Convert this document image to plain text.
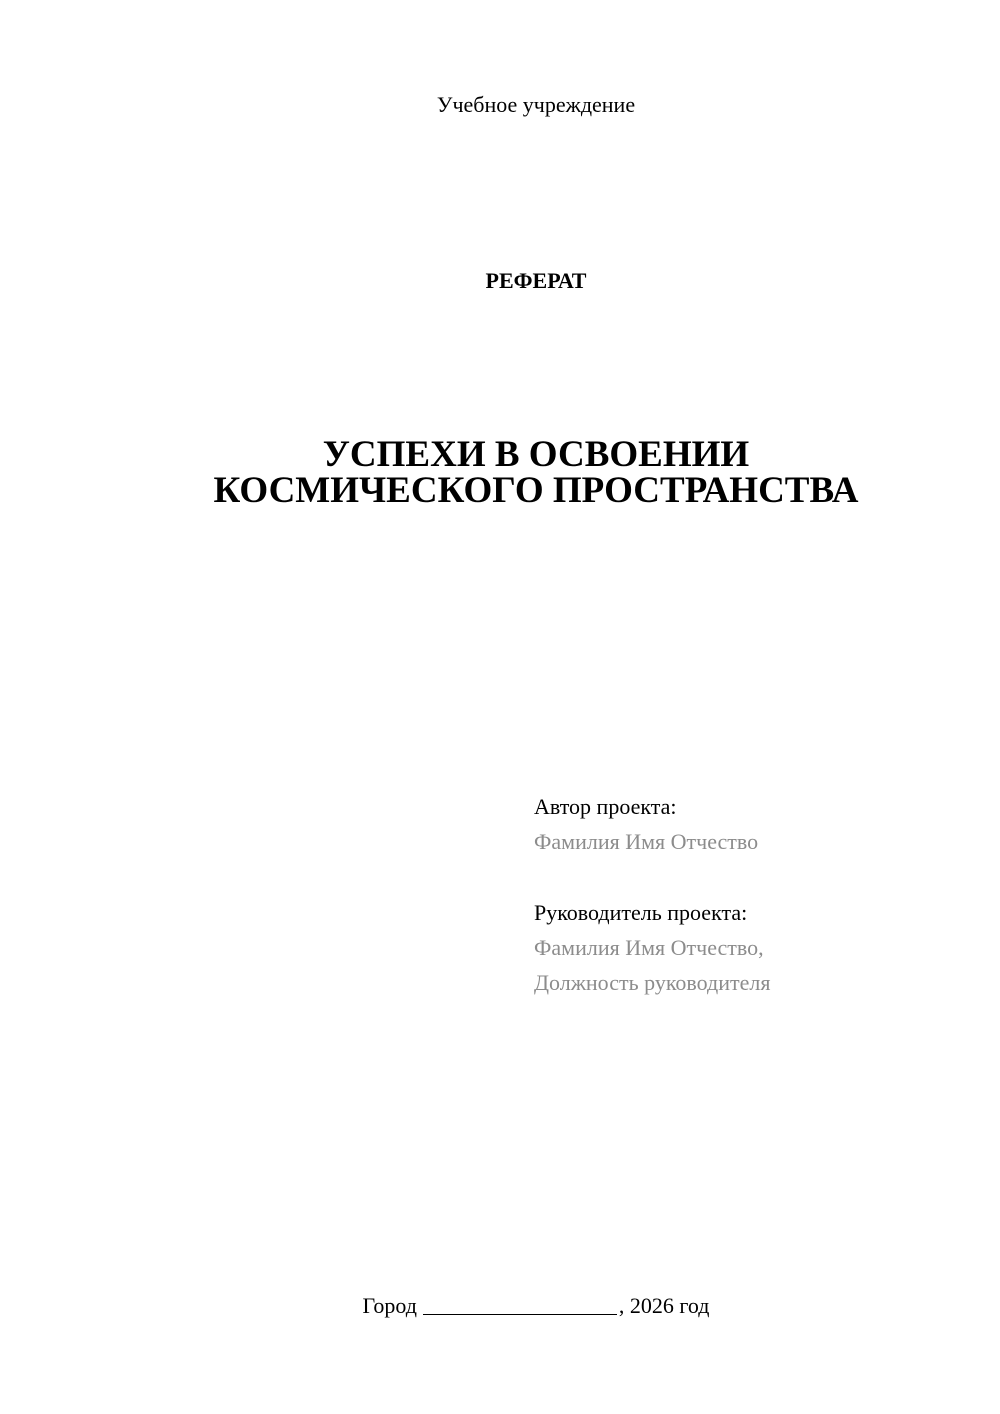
Учебное учреждение
РЕФЕРАТ
УСПЕХИ В ОСВОЕНИИ
КОСМИЧЕСКОГО ПРОСТРАНСТВА
Автор проекта:
Фамилия Имя Отчество
Руководитель проекта:
Фамилия Имя Отчество,
Должность руководителя
Город	, 2026 год
